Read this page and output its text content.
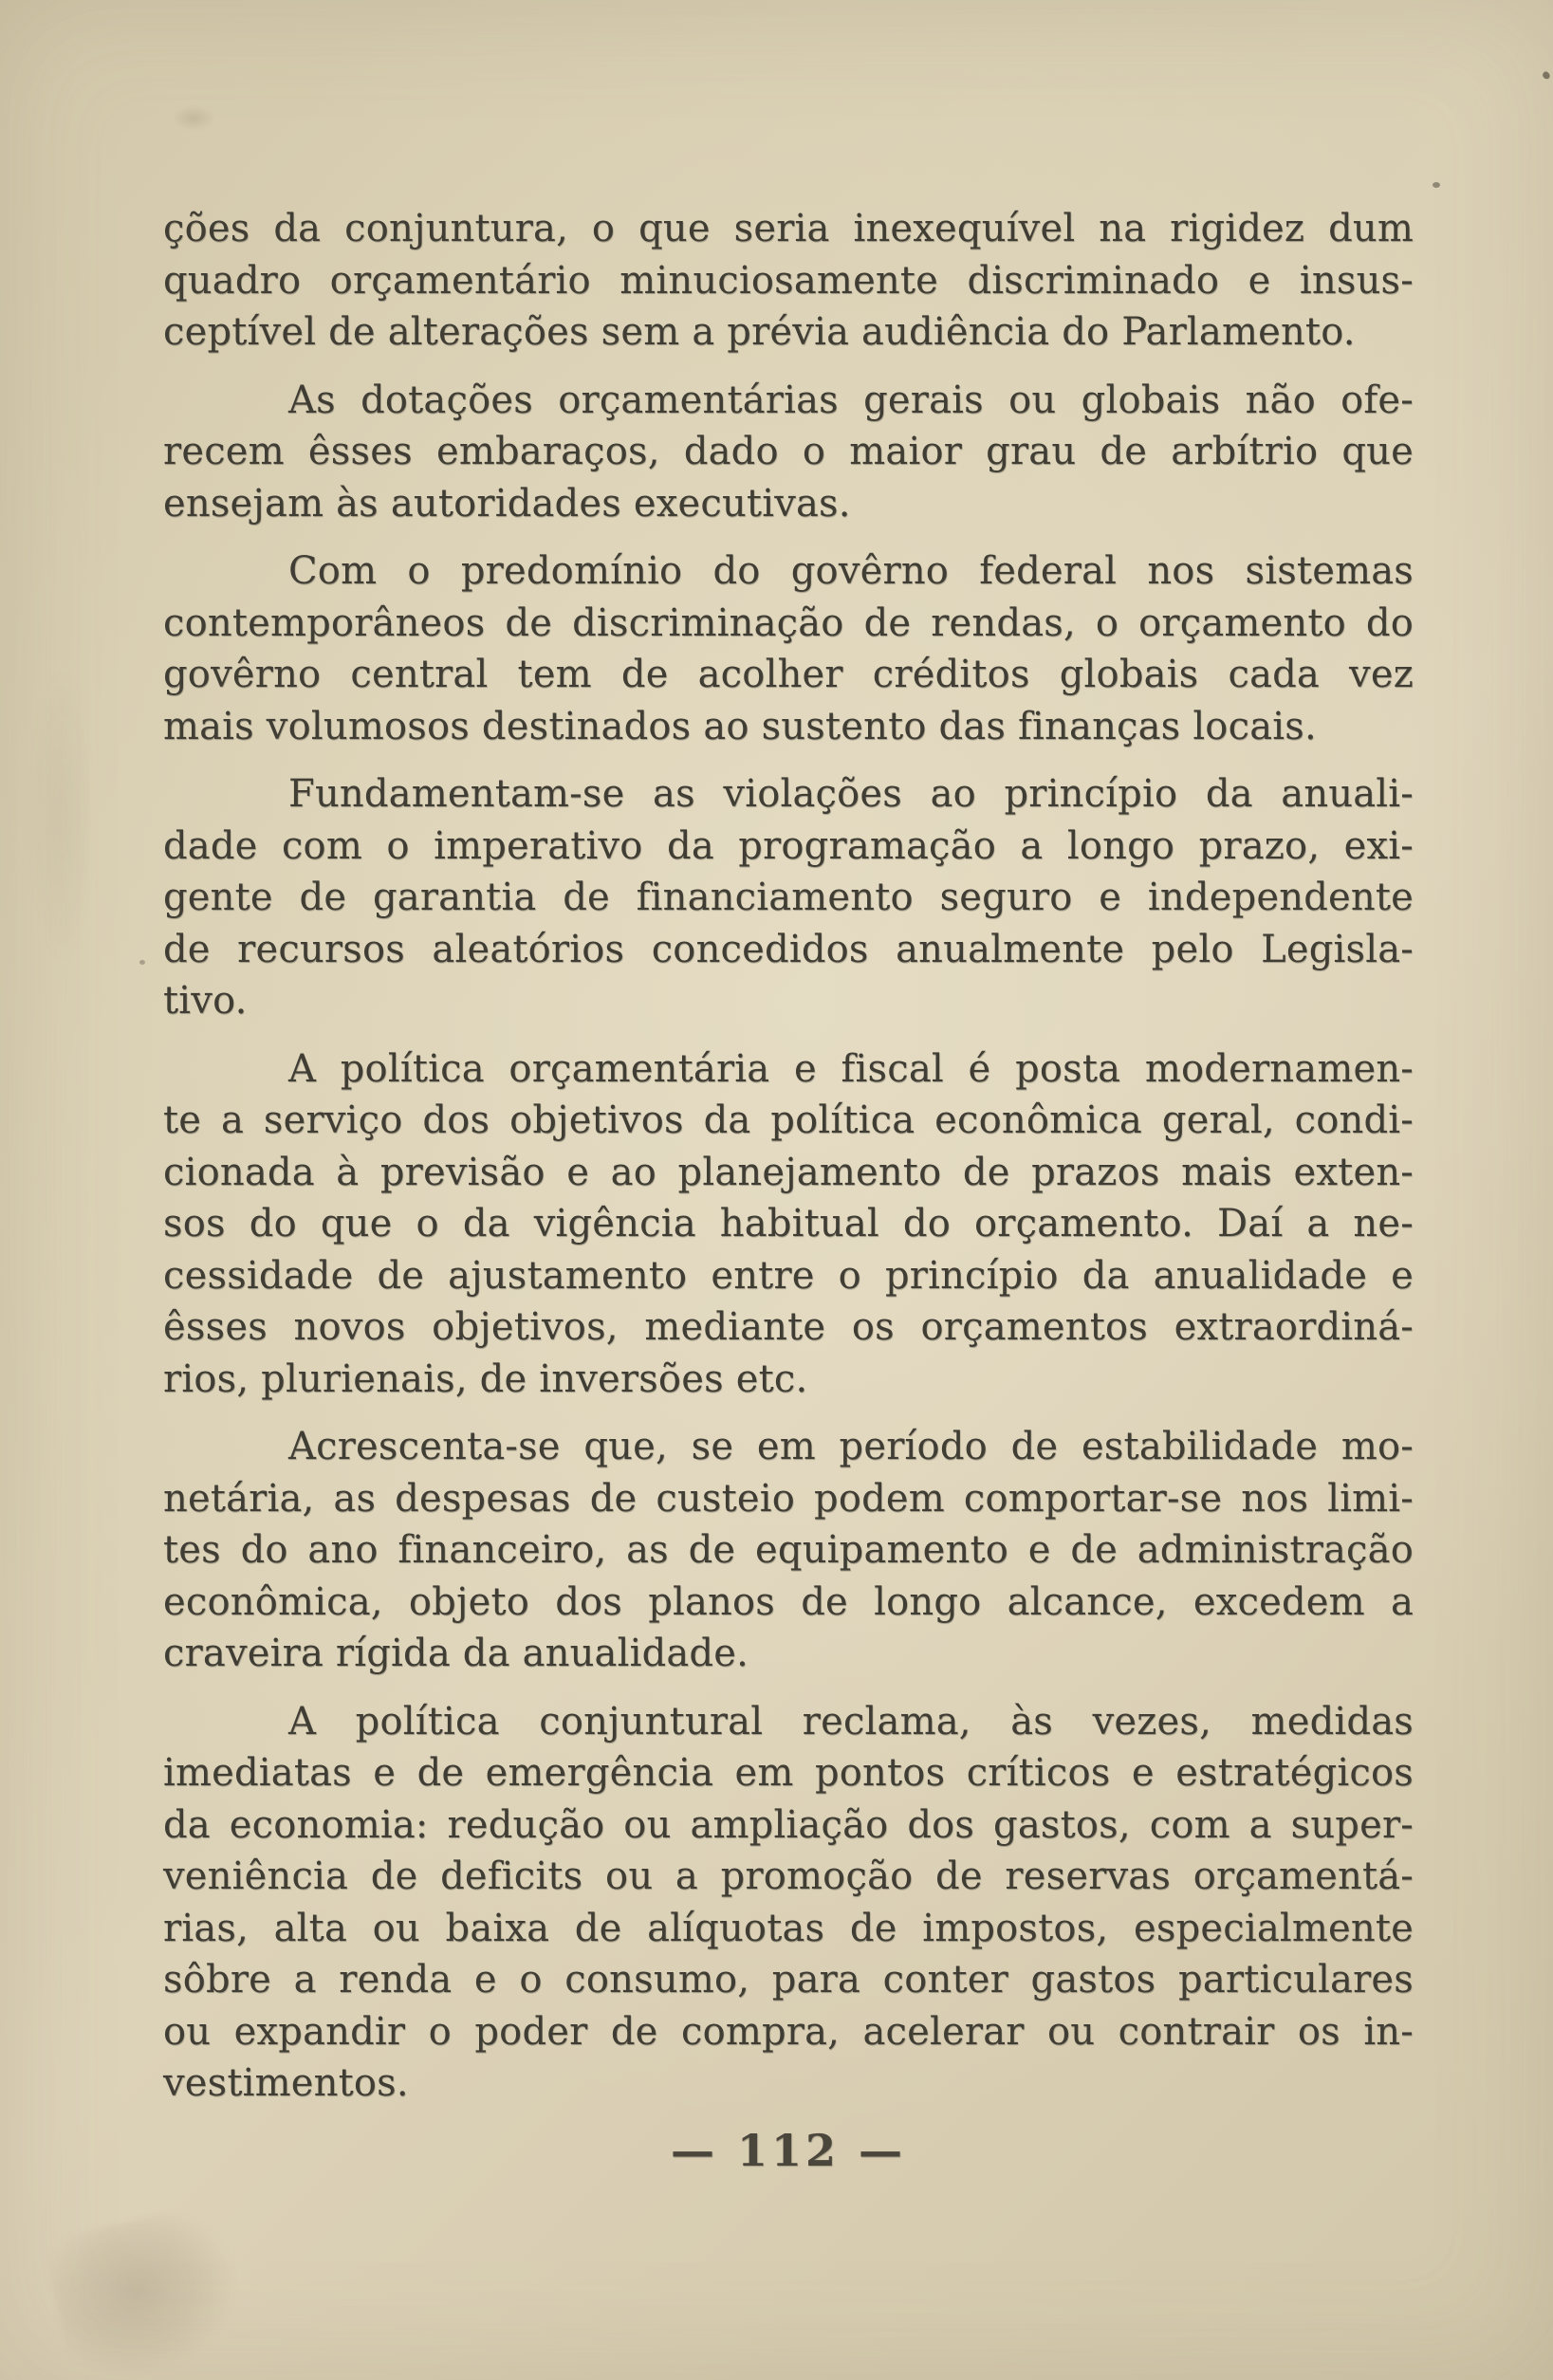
ções da conjuntura, o que seria inexequível na rigidez dum
quadro orçamentário minuciosamente discriminado e insus-
ceptível de alterações sem a prévia audiência do Parlamento.
As dotações orçamentárias gerais ou globais não ofe-
recem êsses embaraços, dado o maior grau de arbítrio que
ensejam às autoridades executivas.
Com o predomínio do govêrno federal nos sistemas
contemporâneos de discriminação de rendas, o orçamento do
govêrno central tem de acolher créditos globais cada vez
mais volumosos destinados ao sustento das finanças locais.
Fundamentam-se as violações ao princípio da anuali-
dade com o imperativo da programação a longo prazo, exi-
gente de garantia de financiamento seguro e independente
de recursos aleatórios concedidos anualmente pelo Legisla-
tivo.
A política orçamentária e fiscal é posta modernamen-
te a serviço dos objetivos da política econômica geral, condi-
cionada à previsão e ao planejamento de prazos mais exten-
sos do que o da vigência habitual do orçamento. Daí a ne-
cessidade de ajustamento entre o princípio da anualidade e
êsses novos objetivos, mediante os orçamentos extraordiná-
rios, plurienais, de inversões etc.
Acrescenta-se que, se em período de estabilidade mo-
netária, as despesas de custeio podem comportar-se nos limi-
tes do ano financeiro, as de equipamento e de administração
econômica, objeto dos planos de longo alcance, excedem a
craveira rígida da anualidade.
A política conjuntural reclama, às vezes, medidas
imediatas e de emergência em pontos críticos e estratégicos
da economia: redução ou ampliação dos gastos, com a super-
veniência de deficits ou a promoção de reservas orçamentá-
rias, alta ou baixa de alíquotas de impostos, especialmente
sôbre a renda e o consumo, para conter gastos particulares
ou expandir o poder de compra, acelerar ou contrair os in-
vestimentos.
— 112 —
